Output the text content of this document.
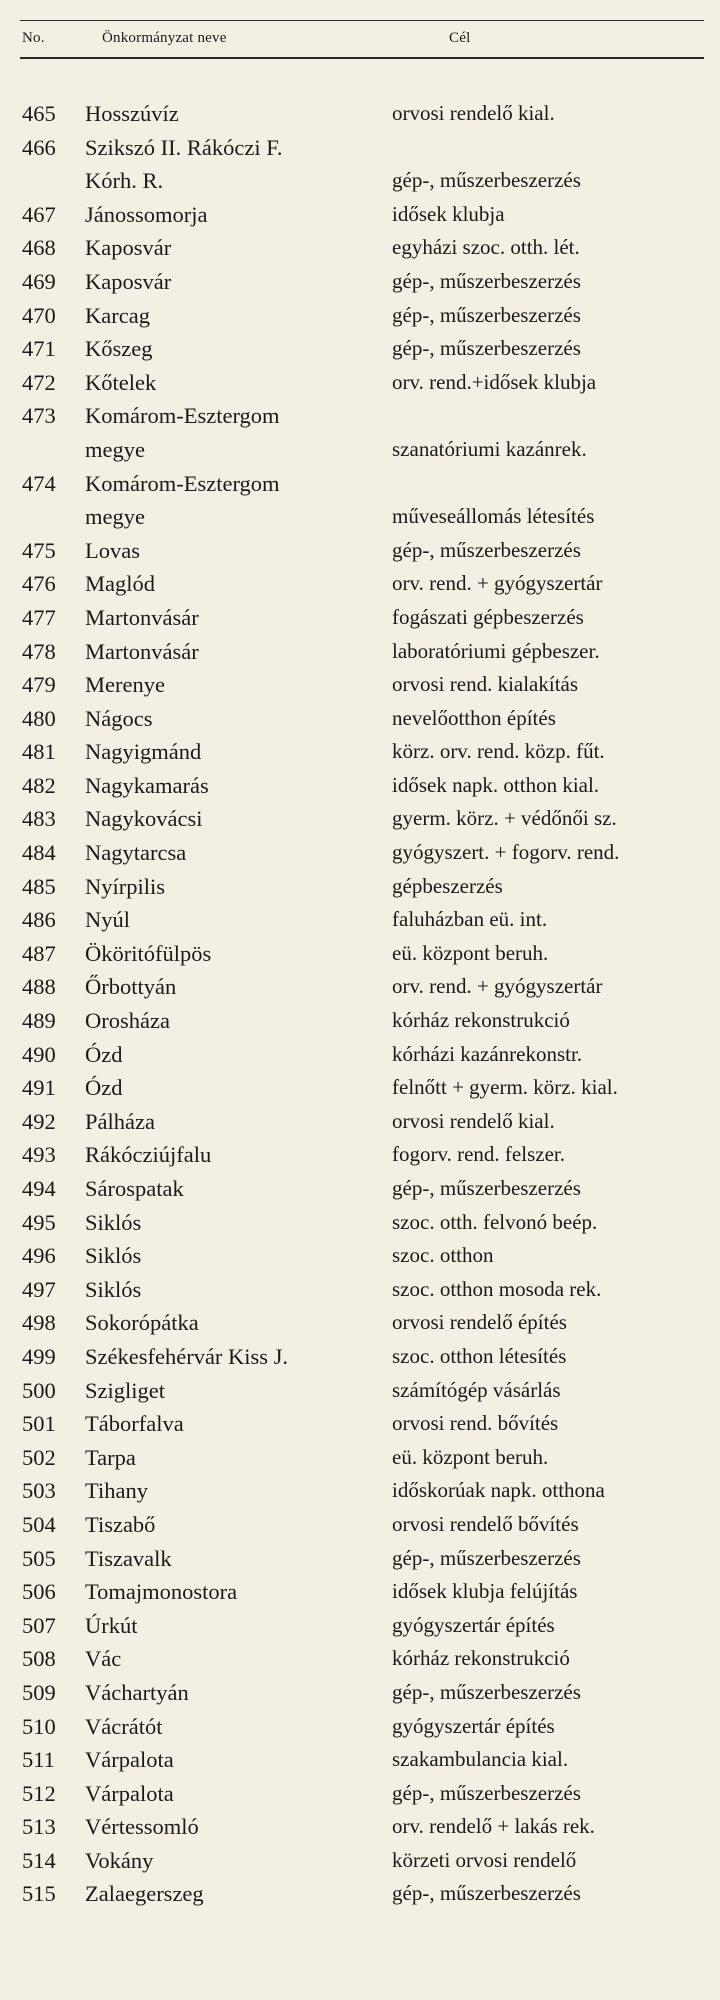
No.	Önkormányzat neve	Cél
465	Hosszúvíz	orvosi rendelő kial.
466	Szikszó II. Rákóczi F.
Kórh. R.	gép-, műszerbeszerzés
467	Jánossomorja	idősek klubja
468	Kaposvár	egyházi szoc. otth. lét.
469	Kaposvár	gép-, műszerbeszerzés
470	Karcag	gép-, műszerbeszerzés
471	Kőszeg	gép-, műszerbeszerzés
472	Kőtelek	orv. rend.+idősek klubja
473	Komárom-Esztergom
megye	szanatóriumi kazánrek.
474	Komárom-Esztergom
megye	műveseállomás létesítés
475	Lovas	gép-, műszerbeszerzés
476	Maglód	orv. rend. + gyógyszertár
477	Martonvásár	fogászati gépbeszerzés
478	Martonvásár	laboratóriumi gépbeszer.
479	Merenye	orvosi rend. kialakítás
480	Nágocs	nevelőotthon építés
481	Nagyigmánd	körz. orv. rend. közp. fűt.
482	Nagykamarás	idősek napk. otthon kial.
483	Nagykovácsi	gyerm. körz. + védőnői sz.
484	Nagytarcsa	gyógyszert. + fogorv. rend.
485	Nyírpilis	gépbeszerzés
486	Nyúl	faluházban eü. int.
487	Ököritófülpös	eü. központ beruh.
488	Őrbottyán	orv. rend. + gyógyszertár
489	Orosháza	kórház rekonstrukció
490	Ózd	kórházi kazánrekonstr.
491	Ózd	felnőtt + gyerm. körz. kial.
492	Pálháza	orvosi rendelő kial.
493	Rákócziújfalu	fogorv. rend. felszer.
494	Sárospatak	gép-, műszerbeszerzés
495	Siklós	szoc. otth. felvonó beép.
496	Siklós	szoc. otthon
497	Siklós	szoc. otthon mosoda rek.
498	Sokorópátka	orvosi rendelő építés
499	Székesfehérvár Kiss J.	szoc. otthon létesítés
500	Szigliget	számítógép vásárlás
501	Táborfalva	orvosi rend. bővítés
502	Tarpa	eü. központ beruh.
503	Tihany	időskorúak napk. otthona
504	Tiszabő	orvosi rendelő bővítés
505	Tiszavalk	gép-, műszerbeszerzés
506	Tomajmonostora	idősek klubja felújítás
507	Úrkút	gyógyszertár építés
508	Vác	kórház rekonstrukció
509	Váchartyán	gép-, műszerbeszerzés
510	Vácrátót	gyógyszertár építés
511	Várpalota	szakambulancia kial.
512	Várpalota	gép-, műszerbeszerzés
513	Vértessomló	orv. rendelő + lakás rek.
514	Vokány	körzeti orvosi rendelő
515	Zalaegerszeg	gép-, műszerbeszerzés
